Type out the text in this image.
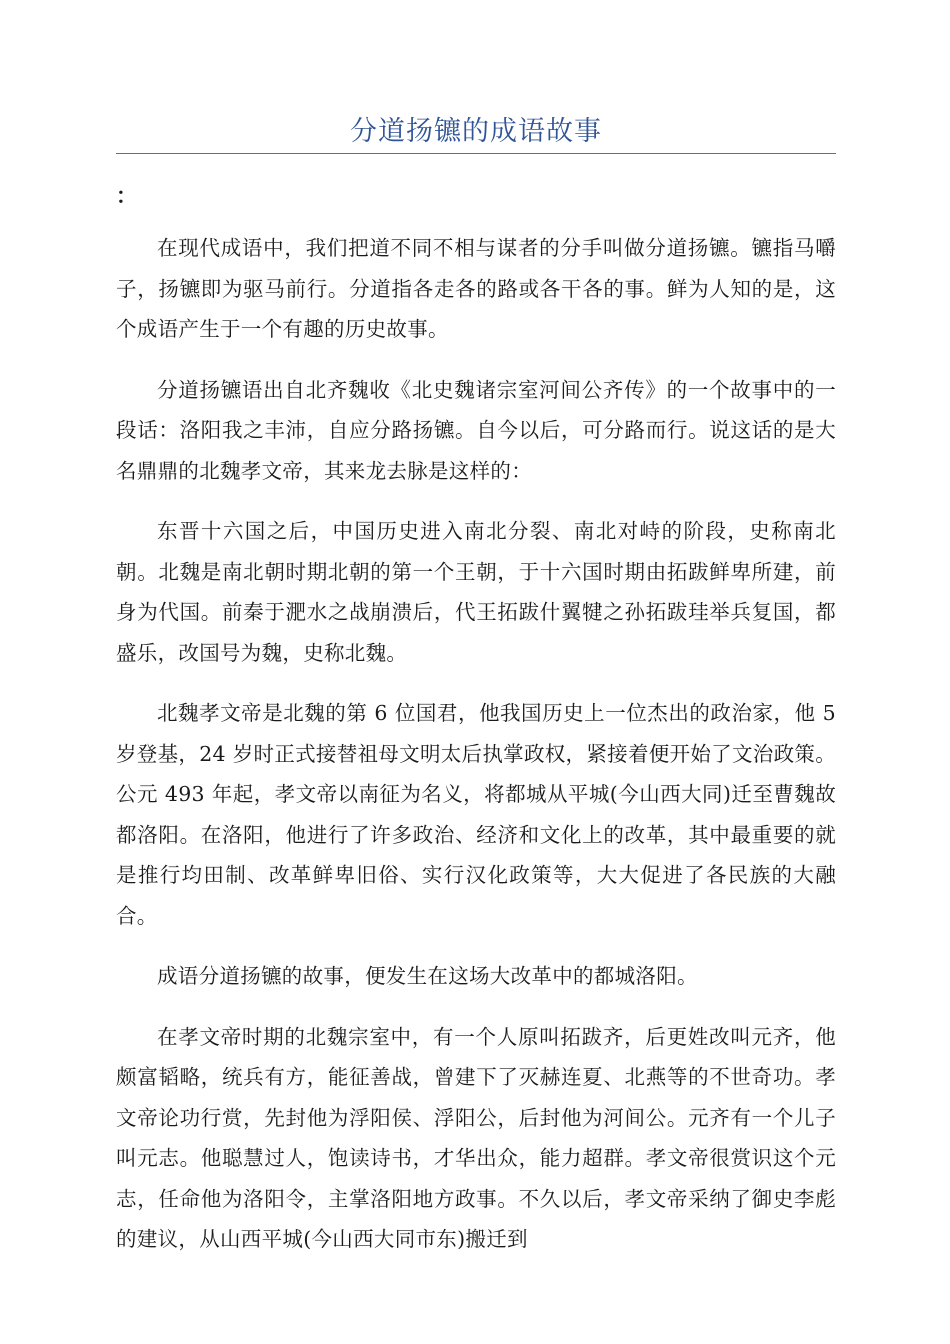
分道扬镳的成语故事
：

在现代成语中，我们把道不同不相与谋者的分手叫做分道扬镳。镳指马嚼子，扬镳即为驱马前行。分道指各走各的路或各干各的事。鲜为人知的是，这个成语产生于一个有趣的历史故事。

分道扬镳语出自北齐魏收《北史魏诸宗室河间公齐传》的一个故事中的一段话：洛阳我之丰沛，自应分路扬镳。自今以后，可分路而行。说这话的是大名鼎鼎的北魏孝文帝，其来龙去脉是这样的：

东晋十六国之后，中国历史进入南北分裂、南北对峙的阶段，史称南北朝。北魏是南北朝时期北朝的第一个王朝，于十六国时期由拓跋鲜卑所建，前身为代国。前秦于淝水之战崩溃后，代王拓跋什翼犍之孙拓跋珪举兵复国，都盛乐，改国号为魏，史称北魏。

北魏孝文帝是北魏的第 6 位国君，他我国历史上一位杰出的政治家，他 5 岁登基，24 岁时正式接替祖母文明太后执掌政权，紧接着便开始了文治政策。公元 493 年起，孝文帝以南征为名义，将都城从平城(今山西大同)迁至曹魏故都洛阳。在洛阳，他进行了许多政治、经济和文化上的改革，其中最重要的就是推行均田制、改革鲜卑旧俗、实行汉化政策等，大大促进了各民族的大融合。

成语分道扬镳的故事，便发生在这场大改革中的都城洛阳。

在孝文帝时期的北魏宗室中，有一个人原叫拓跋齐，后更姓改叫元齐，他颇富韬略，统兵有方，能征善战，曾建下了灭赫连夏、北燕等的不世奇功。孝文帝论功行赏，先封他为浮阳侯、浮阳公，后封他为河间公。元齐有一个儿子叫元志。他聪慧过人，饱读诗书，才华出众，能力超群。孝文帝很赏识这个元志，任命他为洛阳令，主掌洛阳地方政事。不久以后，孝文帝采纳了御史李彪的建议，从山西平城(今山西大同市东)搬迁到
